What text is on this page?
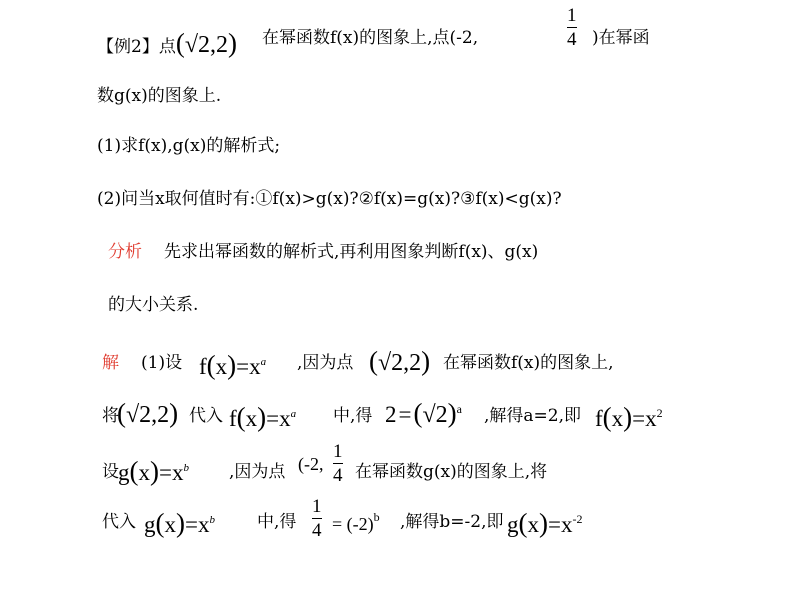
【例2】点(√2,2) 在幂函数f(x)的图象上,点(-2,	$\frac{1}{4}$ )在幂函
数g(x)的图象上.
(1)求f(x),g(x)的解析式;
(2)问当x取何值时有:①f(x)>g(x)?②f(x)=g(x)?③f(x)<g(x)?
分析 先求出幂函数的解析式,再利用图象判断f(x)、g(x)
的大小关系.
解 (1)设 $f(x)=x^a$ ,因为点 (√2,2) 在幂函数f(x)的图象上,
将
(√2,2) 代入 $f(x)=x^a$ 中,得 $2=(√2)^a$ ,解得a=2,即 $f(x)=x^2$
设 $g(x)=x^b$ ,因为点 (-2, $\frac{1}{4}$ 在幂函数g(x)的图象上,将
代入 $g(x)=x^b$ 中,得 $\frac{1}{4} = (-2)^b$ ,解得b=-2,即 $g(x)=x^{-2}$
